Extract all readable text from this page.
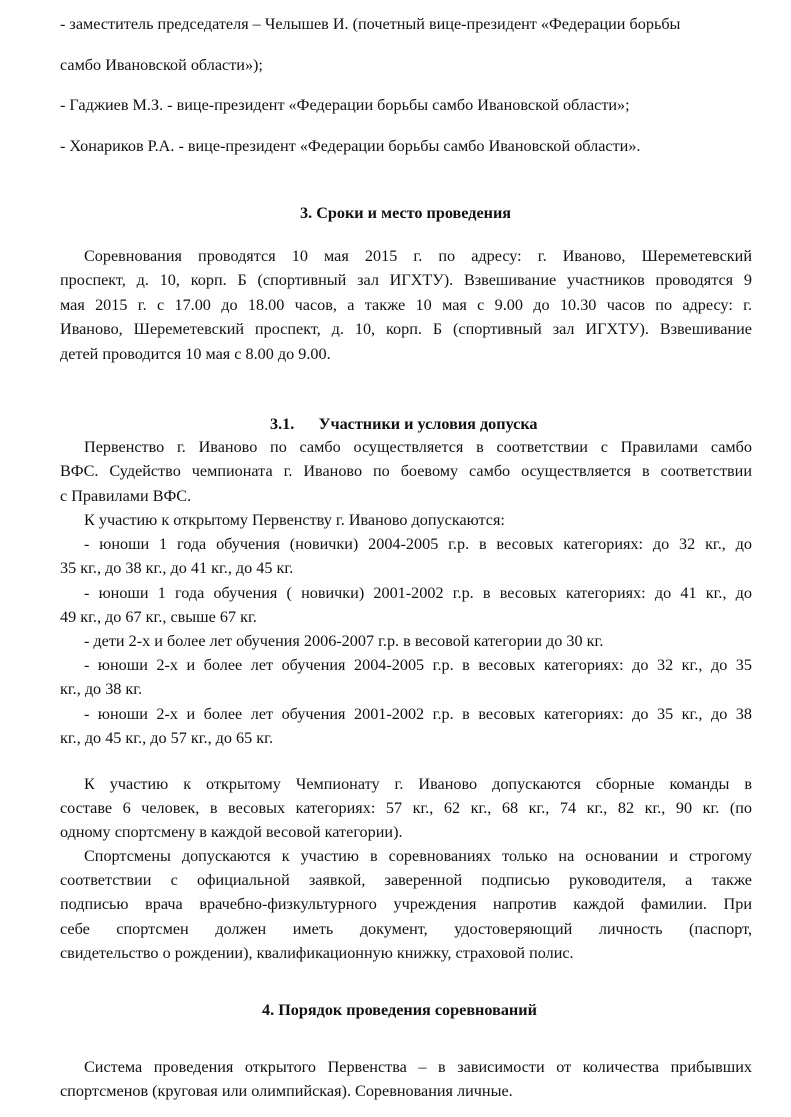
- заместитель председателя – Челышев И. (почетный вице-президент «Федерации борьбы
самбо Ивановской области»);
- Гаджиев М.З. - вице-президент «Федерации борьбы самбо Ивановской области»;
- Хонариков Р.А. - вице-президент «Федерации борьбы самбо Ивановской области».
3. Сроки и место проведения
Соревнования проводятся 10 мая 2015 г. по адресу: г. Иваново, Шереметевский
проспект, д. 10, корп. Б (спортивный зал ИГХТУ). Взвешивание участников проводятся 9
мая 2015 г. с 17.00 до 18.00 часов, а также 10 мая с 9.00 до 10.30 часов по адресу: г.
Иваново, Шереметевский проспект, д. 10, корп. Б (спортивный зал ИГХТУ). Взвешивание
детей проводится 10 мая с 8.00 до 9.00.
3.1.      Участники и условия допуска
Первенство г. Иваново по самбо осуществляется в соответствии с Правилами самбо
ВФС. Судейство чемпионата г. Иваново по боевому самбо осуществляется в соответствии
с Правилами ВФС.
К участию к открытому Первенству г. Иваново допускаются:
- юноши 1 года обучения (новички) 2004-2005 г.р. в весовых категориях: до 32 кг., до
35 кг., до 38 кг., до 41 кг., до 45 кг.
- юноши 1 года обучения ( новички) 2001-2002 г.р. в весовых категориях: до 41 кг., до
49 кг., до 67 кг., свыше 67 кг.
- дети 2-х и более лет обучения 2006-2007 г.р. в весовой категории до 30 кг.
- юноши 2-х и более лет обучения 2004-2005 г.р. в весовых категориях: до 32 кг., до 35
кг., до 38 кг.
- юноши 2-х и более лет обучения 2001-2002 г.р. в весовых категориях: до 35 кг., до 38
кг., до 45 кг., до 57 кг., до 65 кг.
К участию к открытому Чемпионату г. Иваново допускаются сборные команды в
составе 6 человек, в весовых категориях: 57 кг., 62 кг., 68 кг., 74 кг., 82 кг., 90 кг. (по
одному спортсмену в каждой весовой категории).
Спортсмены допускаются к участию в соревнованиях только на основании и строгому
соответствии с официальной заявкой, заверенной подписью руководителя, а также
подписью врача врачебно-физкультурного учреждения напротив каждой фамилии. При
себе спортсмен должен иметь документ, удостоверяющий личность (паспорт,
свидетельство о рождении), квалификационную книжку, страховой полис.
4. Порядок проведения соревнований
Система проведения открытого Первенства – в зависимости от количества прибывших
спортсменов (круговая или олимпийская). Соревнования личные.
